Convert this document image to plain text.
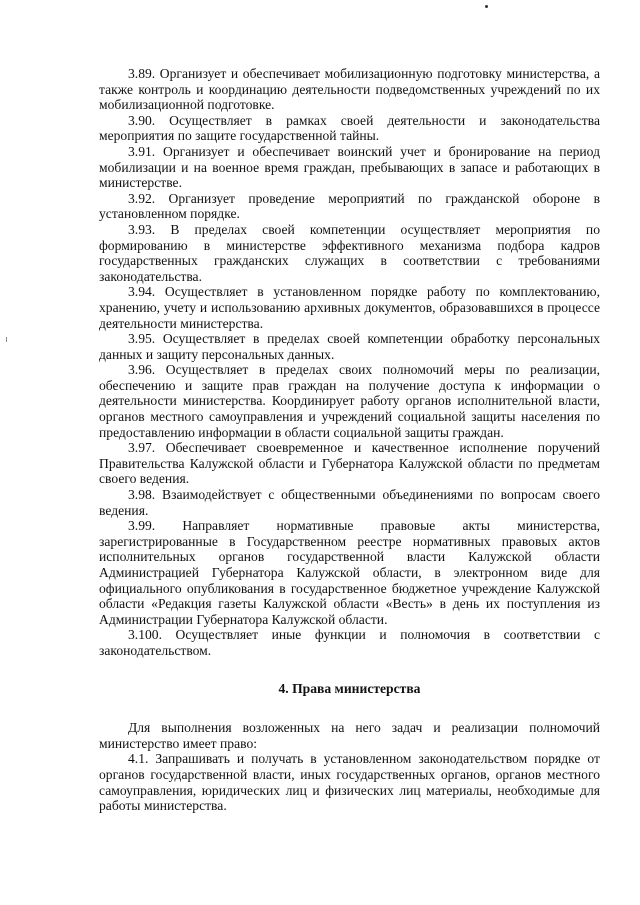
3.89. Организует и обеспечивает мобилизационную подготовку министерства, а также контроль и координацию деятельности подведомственных учреждений по их мобилизационной подготовке.

3.90. Осуществляет в рамках своей деятельности и законодательства мероприятия по защите государственной тайны.

3.91. Организует и обеспечивает воинский учет и бронирование на период мобилизации и на военное время граждан, пребывающих в запасе и работающих в министерстве.

3.92. Организует проведение мероприятий по гражданской обороне в установленном порядке.

3.93. В пределах своей компетенции осуществляет мероприятия по формированию в министерстве эффективного механизма подбора кадров государственных гражданских служащих в соответствии с требованиями законодательства.

3.94. Осуществляет в установленном порядке работу по комплектованию, хранению, учету и использованию архивных документов, образовавшихся в процессе деятельности министерства.

3.95. Осуществляет в пределах своей компетенции обработку персональных данных и защиту персональных данных.

3.96. Осуществляет в пределах своих полномочий меры по реализации, обеспечению и защите прав граждан на получение доступа к информации о деятельности министерства. Координирует работу органов исполнительной власти, органов местного самоуправления и учреждений социальной защиты населения по предоставлению информации в области социальной защиты граждан.

3.97. Обеспечивает своевременное и качественное исполнение поручений Правительства Калужской области и Губернатора Калужской области по предметам своего ведения.

3.98. Взаимодействует с общественными объединениями по вопросам своего ведения.

3.99. Направляет нормативные правовые акты министерства, зарегистрированные в Государственном реестре нормативных правовых актов исполнительных органов государственной власти Калужской области Администрацией Губернатора Калужской области, в электронном виде для официального опубликования в государственное бюджетное учреждение Калужской области «Редакция газеты Калужской области «Весть» в день их поступления из Администрации Губернатора Калужской области.

3.100. Осуществляет иные функции и полномочия в соответствии с законодательством.

4. Права министерства

Для выполнения возложенных на него задач и реализации полномочий министерство имеет право:

4.1. Запрашивать и получать в установленном законодательством порядке от органов государственной власти, иных государственных органов, органов местного самоуправления, юридических лиц и физических лиц материалы, необходимые для работы министерства.
